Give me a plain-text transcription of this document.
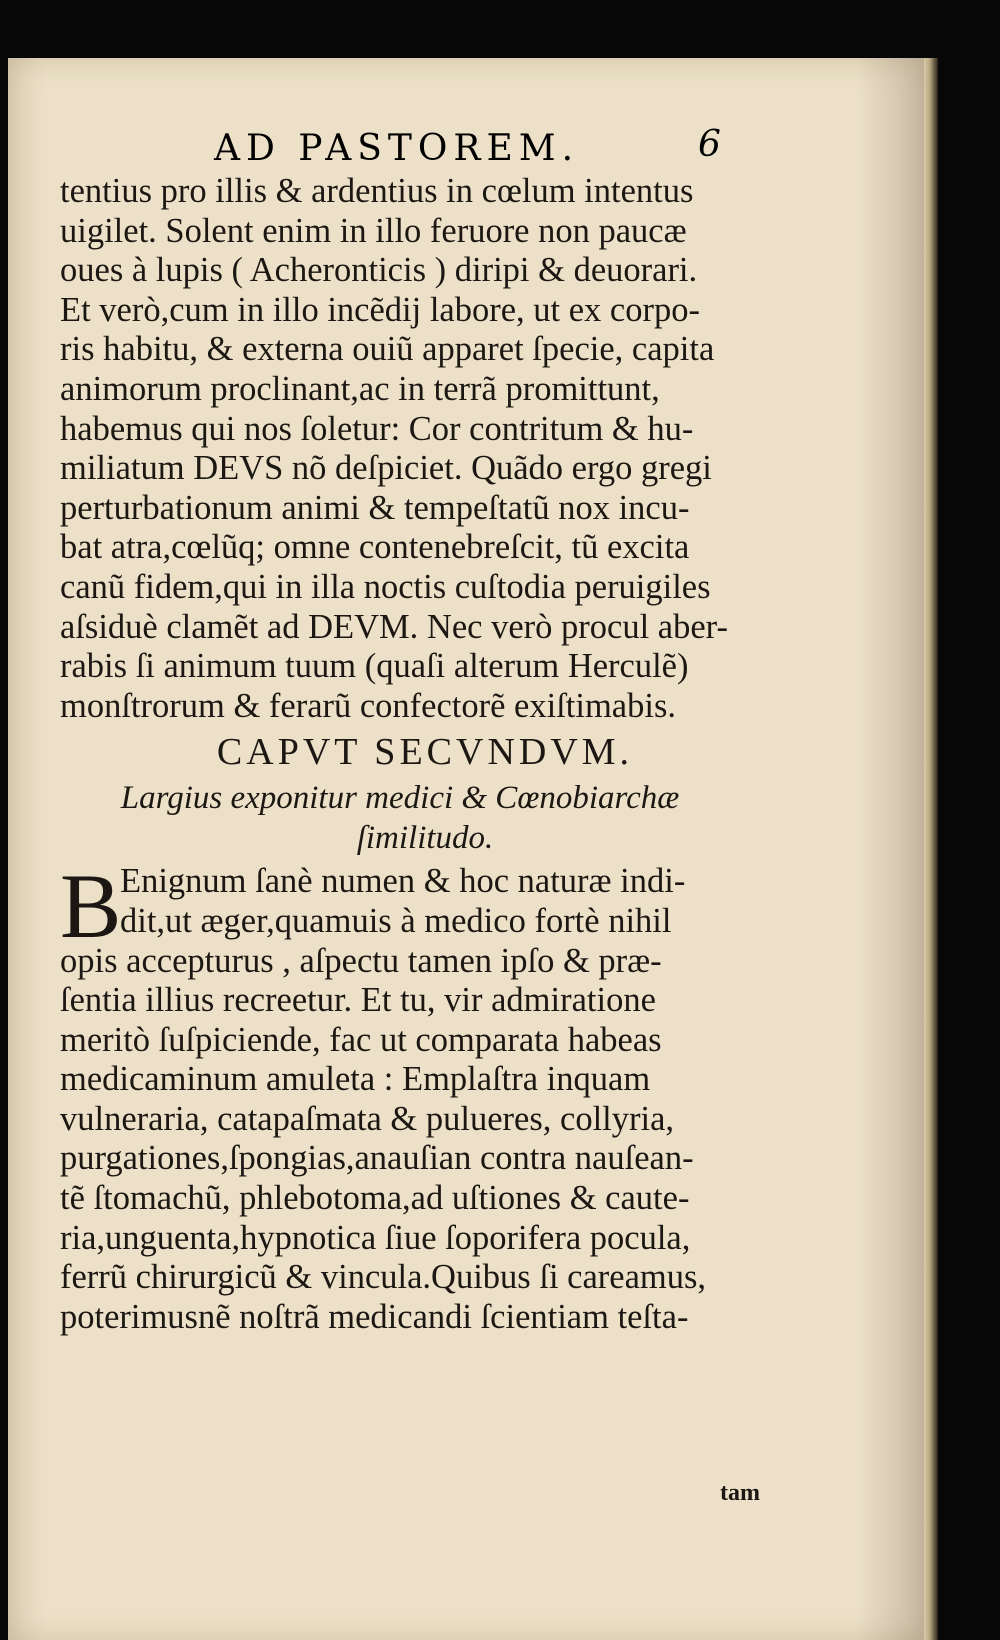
AD PASTOREM.	6
tentius pro illis & ardentius in cœlum intentus
uigilet. Solent enim in illo feruore non paucæ
oues à lupis ( Acheronticis ) diripi & deuorari.
Et verò,cum in illo incẽdij labore, ut ex corpo-
ris habitu, & externa ouiũ apparet ſpecie, capita
animorum proclinant,ac in terrã promittunt,
habemus qui nos ſoletur: Cor contritum & hu-
miliatum DEVS nõ deſpiciet. Quãdo ergo gregi
perturbationum animi & tempeſtatũ nox incu-
bat atra,cœlũq; omne contenebreſcit, tũ excita
canũ fidem,qui in illa noctis cuſtodia peruigiles
aſsiduè clamẽt ad DEVM. Nec verò procul aber-
rabis ſi animum tuum (quaſi alterum Herculẽ)
monſtrorum & ferarũ confectorẽ exiſtimabis.
CAPVT SECVNDVM.
Largius exponitur medici & Cœnobiarchæ
ſimilitudo.
B
Enignum ſanè numen & hoc naturæ indi-
dit,ut æger,quamuis à medico fortè nihil
opis accepturus , aſpectu tamen ipſo & præ-
ſentia illius recreetur. Et tu, vir admiratione
meritò ſuſpiciende, fac ut comparata habeas
medicaminum amuleta : Emplaſtra inquam
vulneraria, catapaſmata & pulueres, collyria,
purgationes,ſpongias,anauſian contra nauſean-
tẽ ſtomachũ, phlebotoma,ad uſtiones & caute-
ria,unguenta,hypnotica ſiue ſoporifera pocula,
ferrũ chirurgicũ & vincula.Quibus ſi careamus,
poterimusnẽ noſtrã medicandi ſcientiam teſta-
tam
